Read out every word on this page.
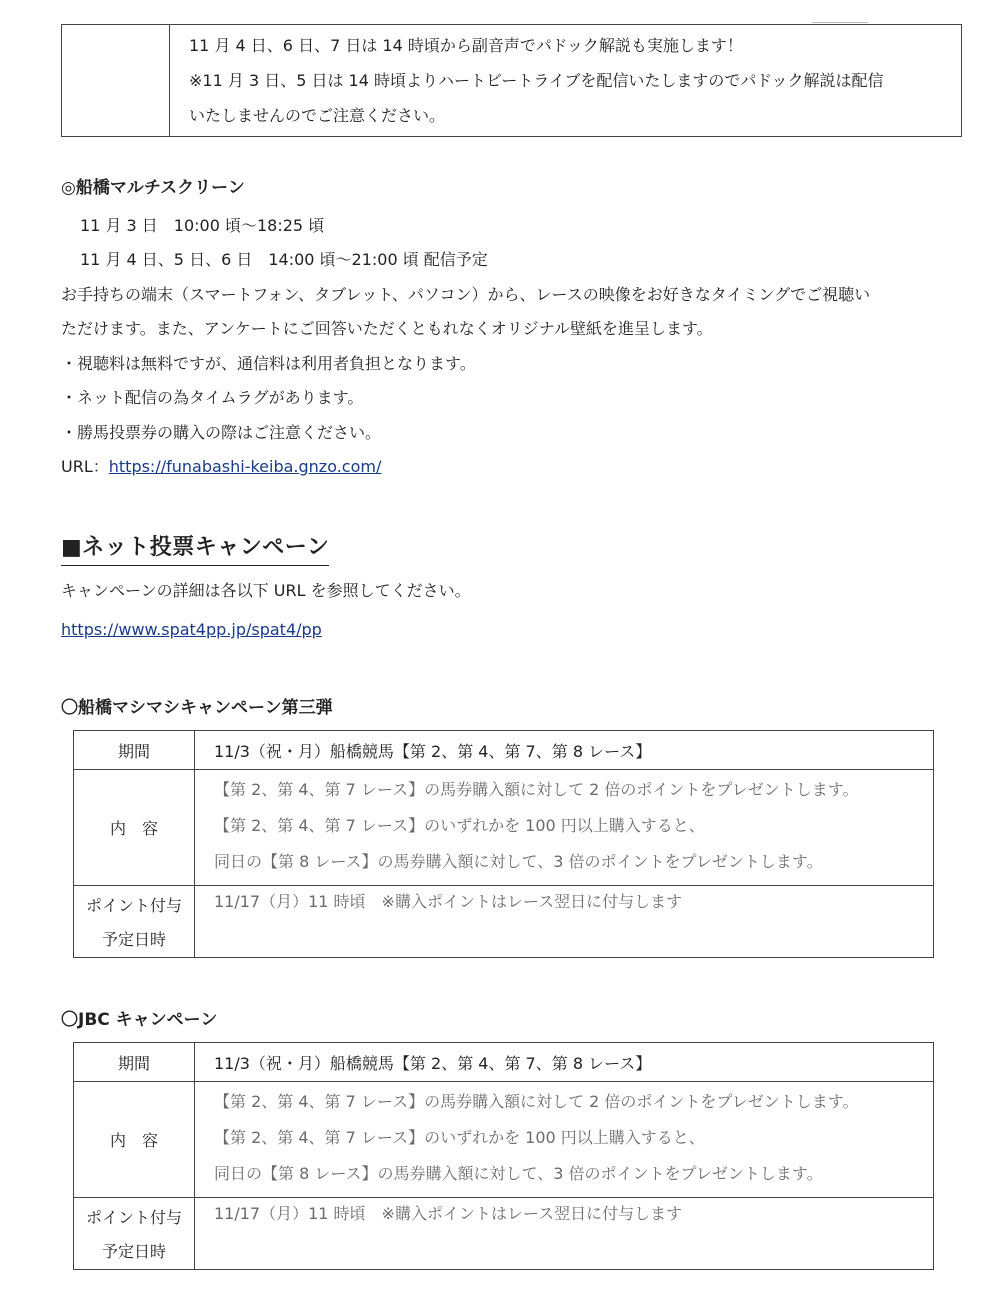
11 月 4 日、6 日、7 日は 14 時頃から副音声でパドック解説も実施します！
※11 月 3 日、5 日は 14 時頃よりハートビートライブを配信いたしますのでパドック解説は配信
いたしませんのでご注意ください。
◎船橋マルチスクリーン
11 月 3 日　10:00 頃～18:25 頃
11 月 4 日、5 日、6 日　14:00 頃～21:00 頃 配信予定
お手持ちの端末（スマートフォン、タブレット、パソコン）から、レースの映像をお好きなタイミングでご視聴い
ただけます。また、アンケートにご回答いただくともれなくオリジナル壁紙を進呈します。
・視聴料は無料ですが、通信料は利用者負担となります。
・ネット配信の為タイムラグがあります。
・勝馬投票券の購入の際はご注意ください。
URL：https://funabashi-keiba.gnzo.com/
■ネット投票キャンペーン
キャンペーンの詳細は各以下 URL を参照してください。
https://www.spat4pp.jp/spat4/pp
〇船橋マシマシキャンペーン第三弾
期間	11/3（祝・月）船橋競馬【第 2、第 4、第 7、第 8 レース】
内　容	【第 2、第 4、第 7 レース】の馬券購入額に対して 2 倍のポイントをプレゼントします。
【第 2、第 4、第 7 レース】のいずれかを 100 円以上購入すると、
同日の【第 8 レース】の馬券購入額に対して、3 倍のポイントをプレゼントします。

ポイント付与
予定日時	11/17（月）11 時頃　※購入ポイントはレース翌日に付与します
〇JBC キャンペーン
期間	11/3（祝・月）船橋競馬【第 2、第 4、第 7、第 8 レース】
内　容	【第 2、第 4、第 7 レース】の馬券購入額に対して 2 倍のポイントをプレゼントします。
【第 2、第 4、第 7 レース】のいずれかを 100 円以上購入すると、
同日の【第 8 レース】の馬券購入額に対して、3 倍のポイントをプレゼントします。

ポイント付与
予定日時	11/17（月）11 時頃　※購入ポイントはレース翌日に付与します
